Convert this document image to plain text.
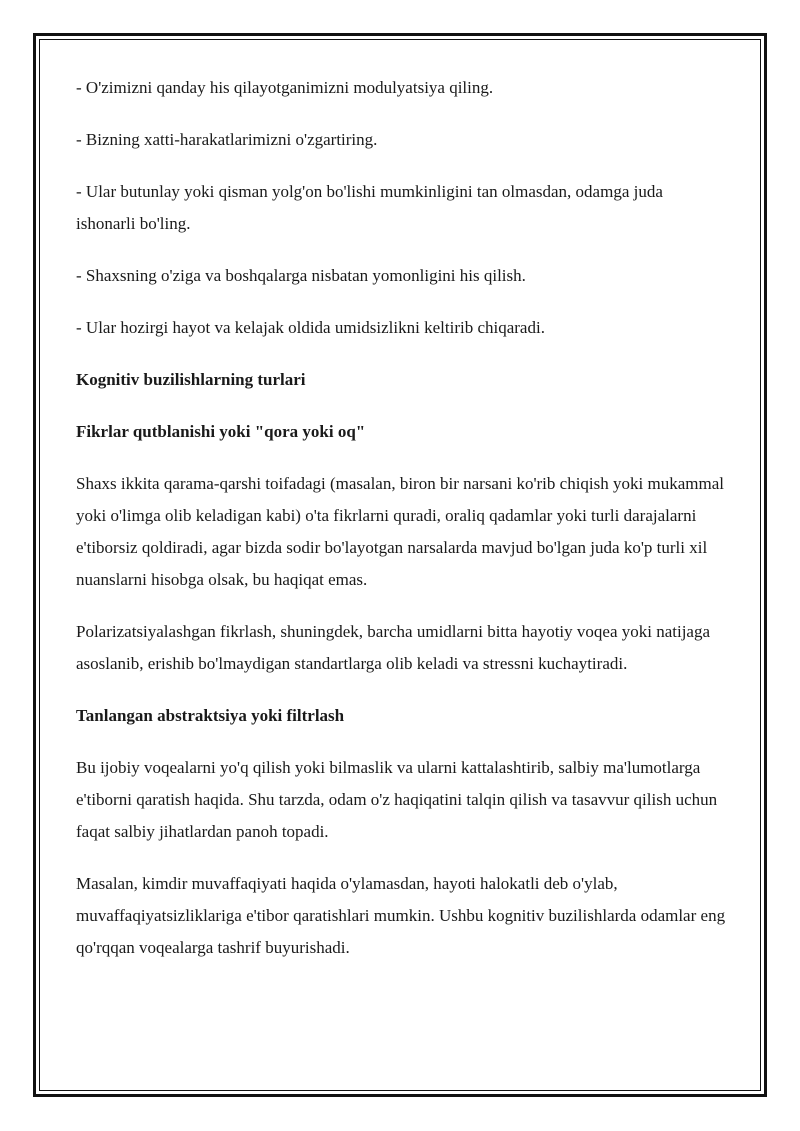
- O'zimizni qanday his qilayotganimizni modulyatsiya qiling.

- Bizning xatti-harakatlarimizni o'zgartiring.

- Ular butunlay yoki qisman yolg'on bo'lishi mumkinligini tan olmasdan, odamga juda ishonarli bo'ling.

- Shaxsning o'ziga va boshqalarga nisbatan yomonligini his qilish.

- Ular hozirgi hayot va kelajak oldida umidsizlikni keltirib chiqaradi.

Kognitiv buzilishlarning turlari

Fikrlar qutblanishi yoki "qora yoki oq"

Shaxs ikkita qarama-qarshi toifadagi (masalan, biron bir narsani ko'rib chiqish yoki mukammal yoki o'limga olib keladigan kabi) o'ta fikrlarni quradi, oraliq qadamlar yoki turli darajalarni e'tiborsiz qoldiradi, agar bizda sodir bo'layotgan narsalarda mavjud bo'lgan juda ko'p turli xil nuanslarni hisobga olsak, bu haqiqat emas.

Polarizatsiyalashgan fikrlash, shuningdek, barcha umidlarni bitta hayotiy voqea yoki natijaga asoslanib, erishib bo'lmaydigan standartlarga olib keladi va stressni kuchaytiradi.

Tanlangan abstraktsiya yoki filtrlash

Bu ijobiy voqealarni yo'q qilish yoki bilmaslik va ularni kattalashtirib, salbiy ma'lumotlarga e'tiborni qaratish haqida. Shu tarzda, odam o'z haqiqatini talqin qilish va tasavvur qilish uchun faqat salbiy jihatlardan panoh topadi.

Masalan, kimdir muvaffaqiyati haqida o'ylamasdan, hayoti halokatli deb o'ylab, muvaffaqiyatsizliklariga e'tibor qaratishlari mumkin. Ushbu kognitiv buzilishlarda odamlar eng qo'rqqan voqealarga tashrif buyurishadi.
